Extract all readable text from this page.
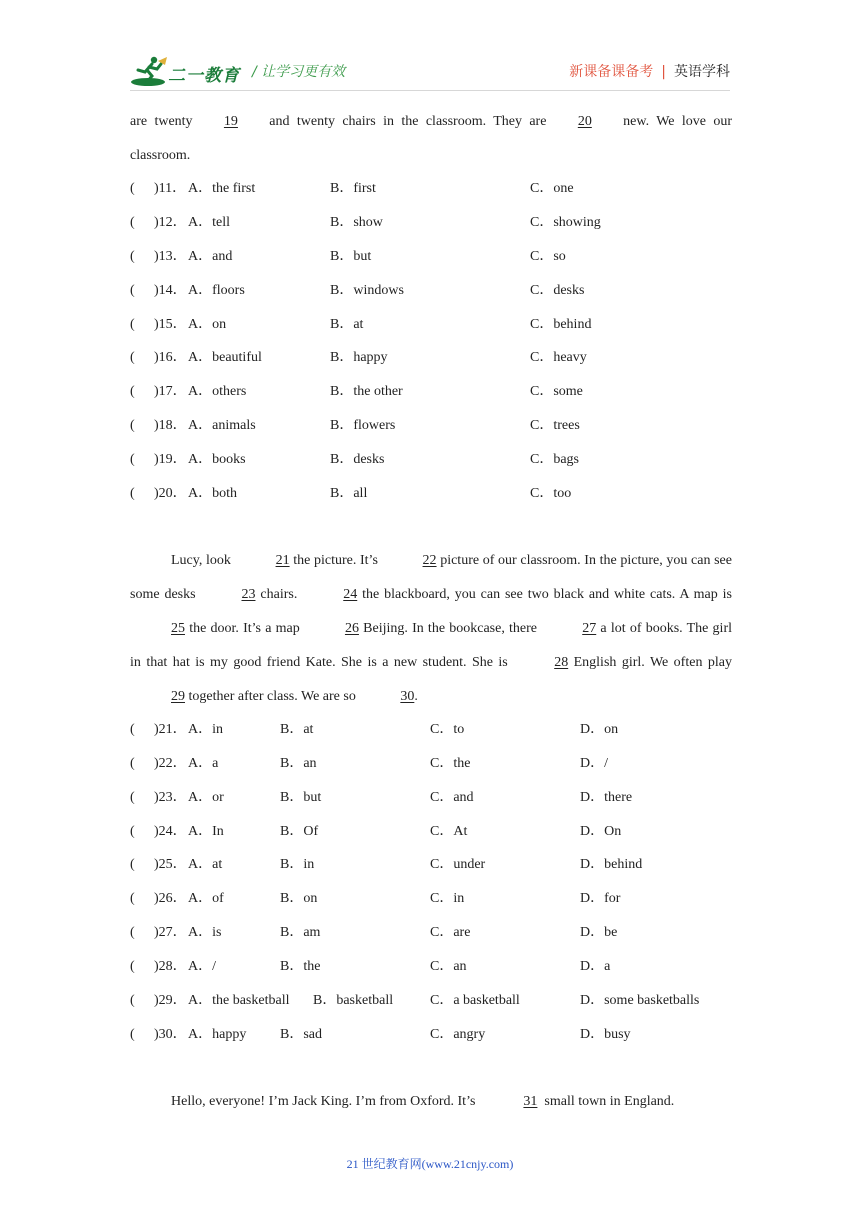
二一教育 / 让学习更有效	新课备课备考 | 英语学科

are twenty 19 and twenty chairs in the classroom. They are 20 new. We love our classroom.

( )11． A．the first	B．first	C．one
( )12． A．tell	B．show	C．showing
( )13． A．and	B．but	C．so
( )14． A．floors	B．windows	C．desks
( )15． A．on	B．at	C．behind
( )16． A．beautiful	B．happy	C．heavy
( )17． A．others	B．the other	C．some
( )18． A．animals	B．flowers	C．trees
( )19． A．books	B．desks	C．bags
( )20． A．both	B．all	C．too

Lucy, look	21 the picture. It’s	22 picture of our classroom. In the picture, you can see some desks	23 chairs.	24 the blackboard, you can see two black and white cats. A map is 25 the door. It’s a map	26 Beijing. In the bookcase, there	27 a lot of books. The girl in that hat is my good friend Kate. She is a new student. She is	28 English girl. We often play 29 together after class. We are so	30.

( )21． A．in	B．at	C．to	D．on
( )22． A．a	B．an	C．the	D．/
( )23． A．or	B．but	C．and	D．there
( )24． A．In	B．Of	C．At	D．On
( )25． A．at	B．in	C．under	D．behind
( )26． A．of	B．on	C．in	D．for
( )27． A．is	B．am	C．are	D．be
( )28． A．/	B．the	C．an	D．a
( )29． A．the basketball B．basketball	C．a basketball	D．some basketballs
( )30． A．happy B．sad	C．angry	D．busy

Hello, everyone! I’m Jack King. I’m from Oxford. It’s	31 small town in England.

21 世纪教育网(www.21cnjy.com)
